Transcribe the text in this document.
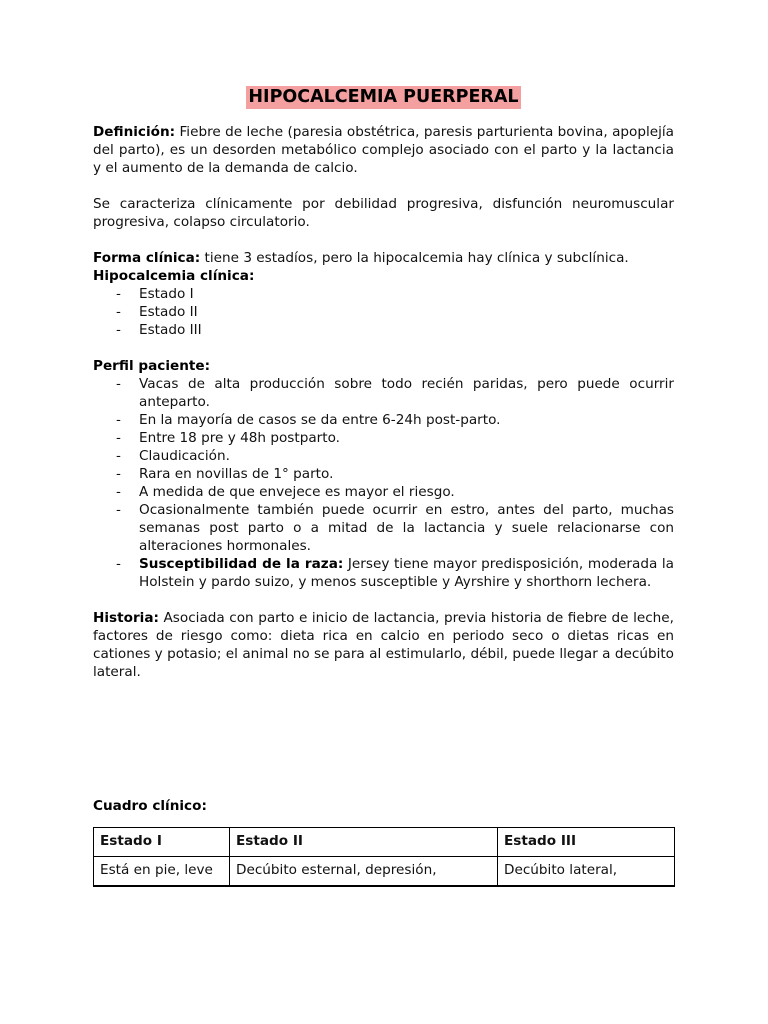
HIPOCALCEMIA PUERPERAL

Definición: Fiebre de leche (paresia obstétrica, paresis parturienta bovina, apoplejía del parto), es un desorden metabólico complejo asociado con el parto y la lactancia y el aumento de la demanda de calcio.

Se caracteriza clínicamente por debilidad progresiva, disfunción neuromuscular progresiva, colapso circulatorio.

Forma clínica: tiene 3 estadíos, pero la hipocalcemia hay clínica y subclínica.

Hipocalcemia clínica:

- Estado I
- Estado II
- Estado III

Perfil paciente:

- Vacas de alta producción sobre todo recién paridas, pero puede ocurrir anteparto.
- En la mayoría de casos se da entre 6-24h post-parto.
- Entre 18 pre y 48h postparto.
- Claudicación.
- Rara en novillas de 1° parto.
- A medida de que envejece es mayor el riesgo.
- Ocasionalmente también puede ocurrir en estro, antes del parto, muchas semanas post parto o a mitad de la lactancia y suele relacionarse con alteraciones hormonales.
- Susceptibilidad de la raza: Jersey tiene mayor predisposición, moderada la Holstein y pardo suizo, y menos susceptible y Ayrshire y shorthorn lechera.

Historia: Asociada con parto e inicio de lactancia, previa historia de fiebre de leche, factores de riesgo como: dieta rica en calcio en periodo seco o dietas ricas en cationes y potasio; el animal no se para al estimularlo, débil, puede llegar a decúbito lateral.

Cuadro clínico:

Estado I	Estado II	Estado III
Está en pie, leve	Decúbito esternal, depresión,	Decúbito lateral,
